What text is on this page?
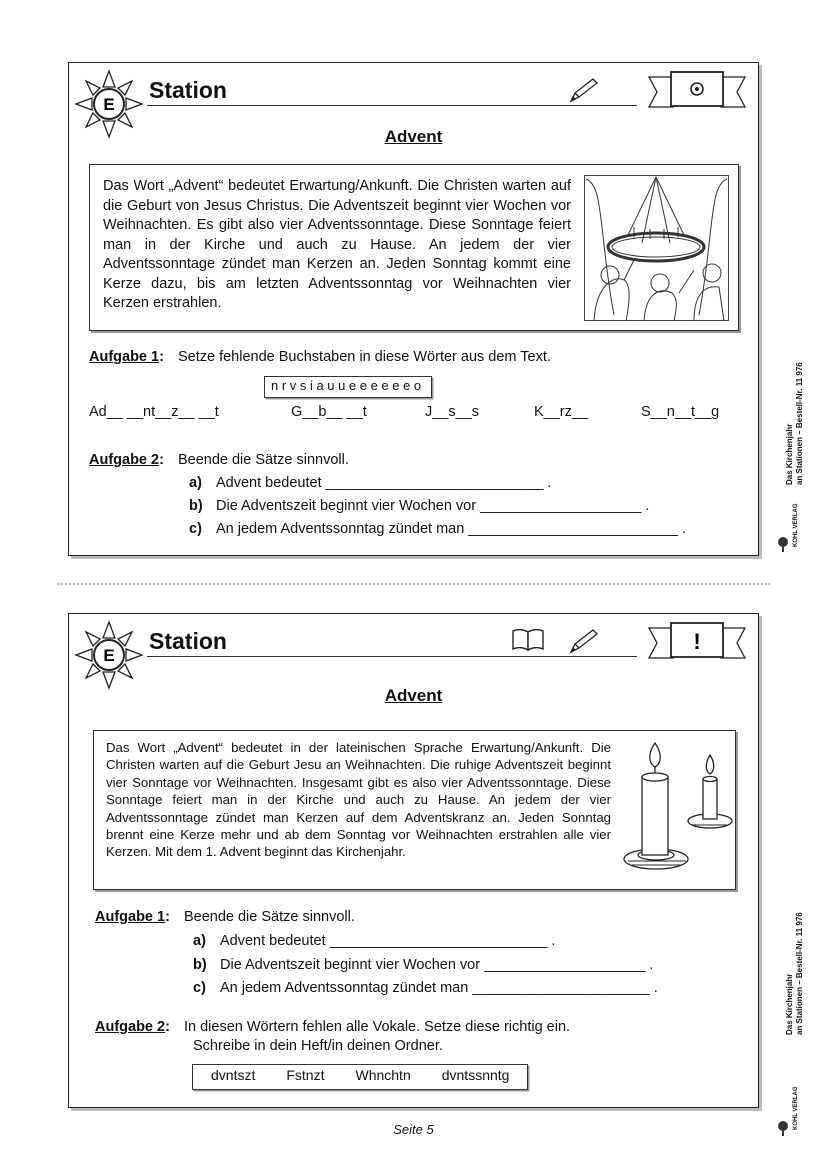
E
Station
Advent
Das Wort „Advent“ bedeutet Erwartung/Ankunft. Die Christen warten auf die Geburt von Jesus Christus. Die Adventszeit beginnt vier Wochen vor Weihnachten. Es gibt also vier Adventssonntage. Diese Sonntage feiert man in der Kirche und auch zu Hause. An jedem der vier Adventssonntage zündet man Kerzen an. Jeden Sonntag kommt eine Kerze dazu, bis am letzten Adventssonntag vor Weihnachten vier Kerzen erstrahlen.
Aufgabe 1: Setze fehlende Buchstaben in diese Wörter aus dem Text.
nrvsiauueeeeeeo
Ad__ __nt__z__ __t	G__b__ __t	J__s__s	K__rz__	S__n__t__g
Aufgabe 2: Beende die Sätze sinnvoll.
a) Advent bedeutet ___________________________ .
b) Die Adventszeit beginnt vier Wochen vor ____________________ .
c) An jedem Adventssonntag zündet man __________________________ .
E
Station	!
Advent
Das Wort „Advent“ bedeutet in der lateinischen Sprache Erwartung/Ankunft. Die Christen warten auf die Geburt Jesu an Weihnachten. Die ruhige Adventszeit beginnt vier Sonntage vor Weihnachten. Insgesamt gibt es also vier Adventssonntage. Diese Sonntage feiert man in der Kirche und auch zu Hause. An jedem der vier Adventssonntage zündet man Kerzen auf dem Adventskranz an. Jeden Sonntag brennt eine Kerze mehr und ab dem Sonntag vor Weihnachten erstrahlen alle vier Kerzen. Mit dem 1. Advent beginnt das Kirchenjahr.
Aufgabe 1: Beende die Sätze sinnvoll.
a) Advent bedeutet ___________________________ .
b) Die Adventszeit beginnt vier Wochen vor ____________________ .
c) An jedem Adventssonntag zündet man ______________________ .
Aufgabe 2: In diesen Wörtern fehlen alle Vokale. Setze diese richtig ein.
Schreibe in dein Heft/in deinen Ordner.
dvntszt Fstnzt Whnchtn dvntssnntg
Das Kirchenjahr an Stationen – Bestell-Nr. 11 976
KOHL VERLAG
Das Kirchenjahr an Stationen – Bestell-Nr. 11 976
KOHL VERLAG
Seite 5
